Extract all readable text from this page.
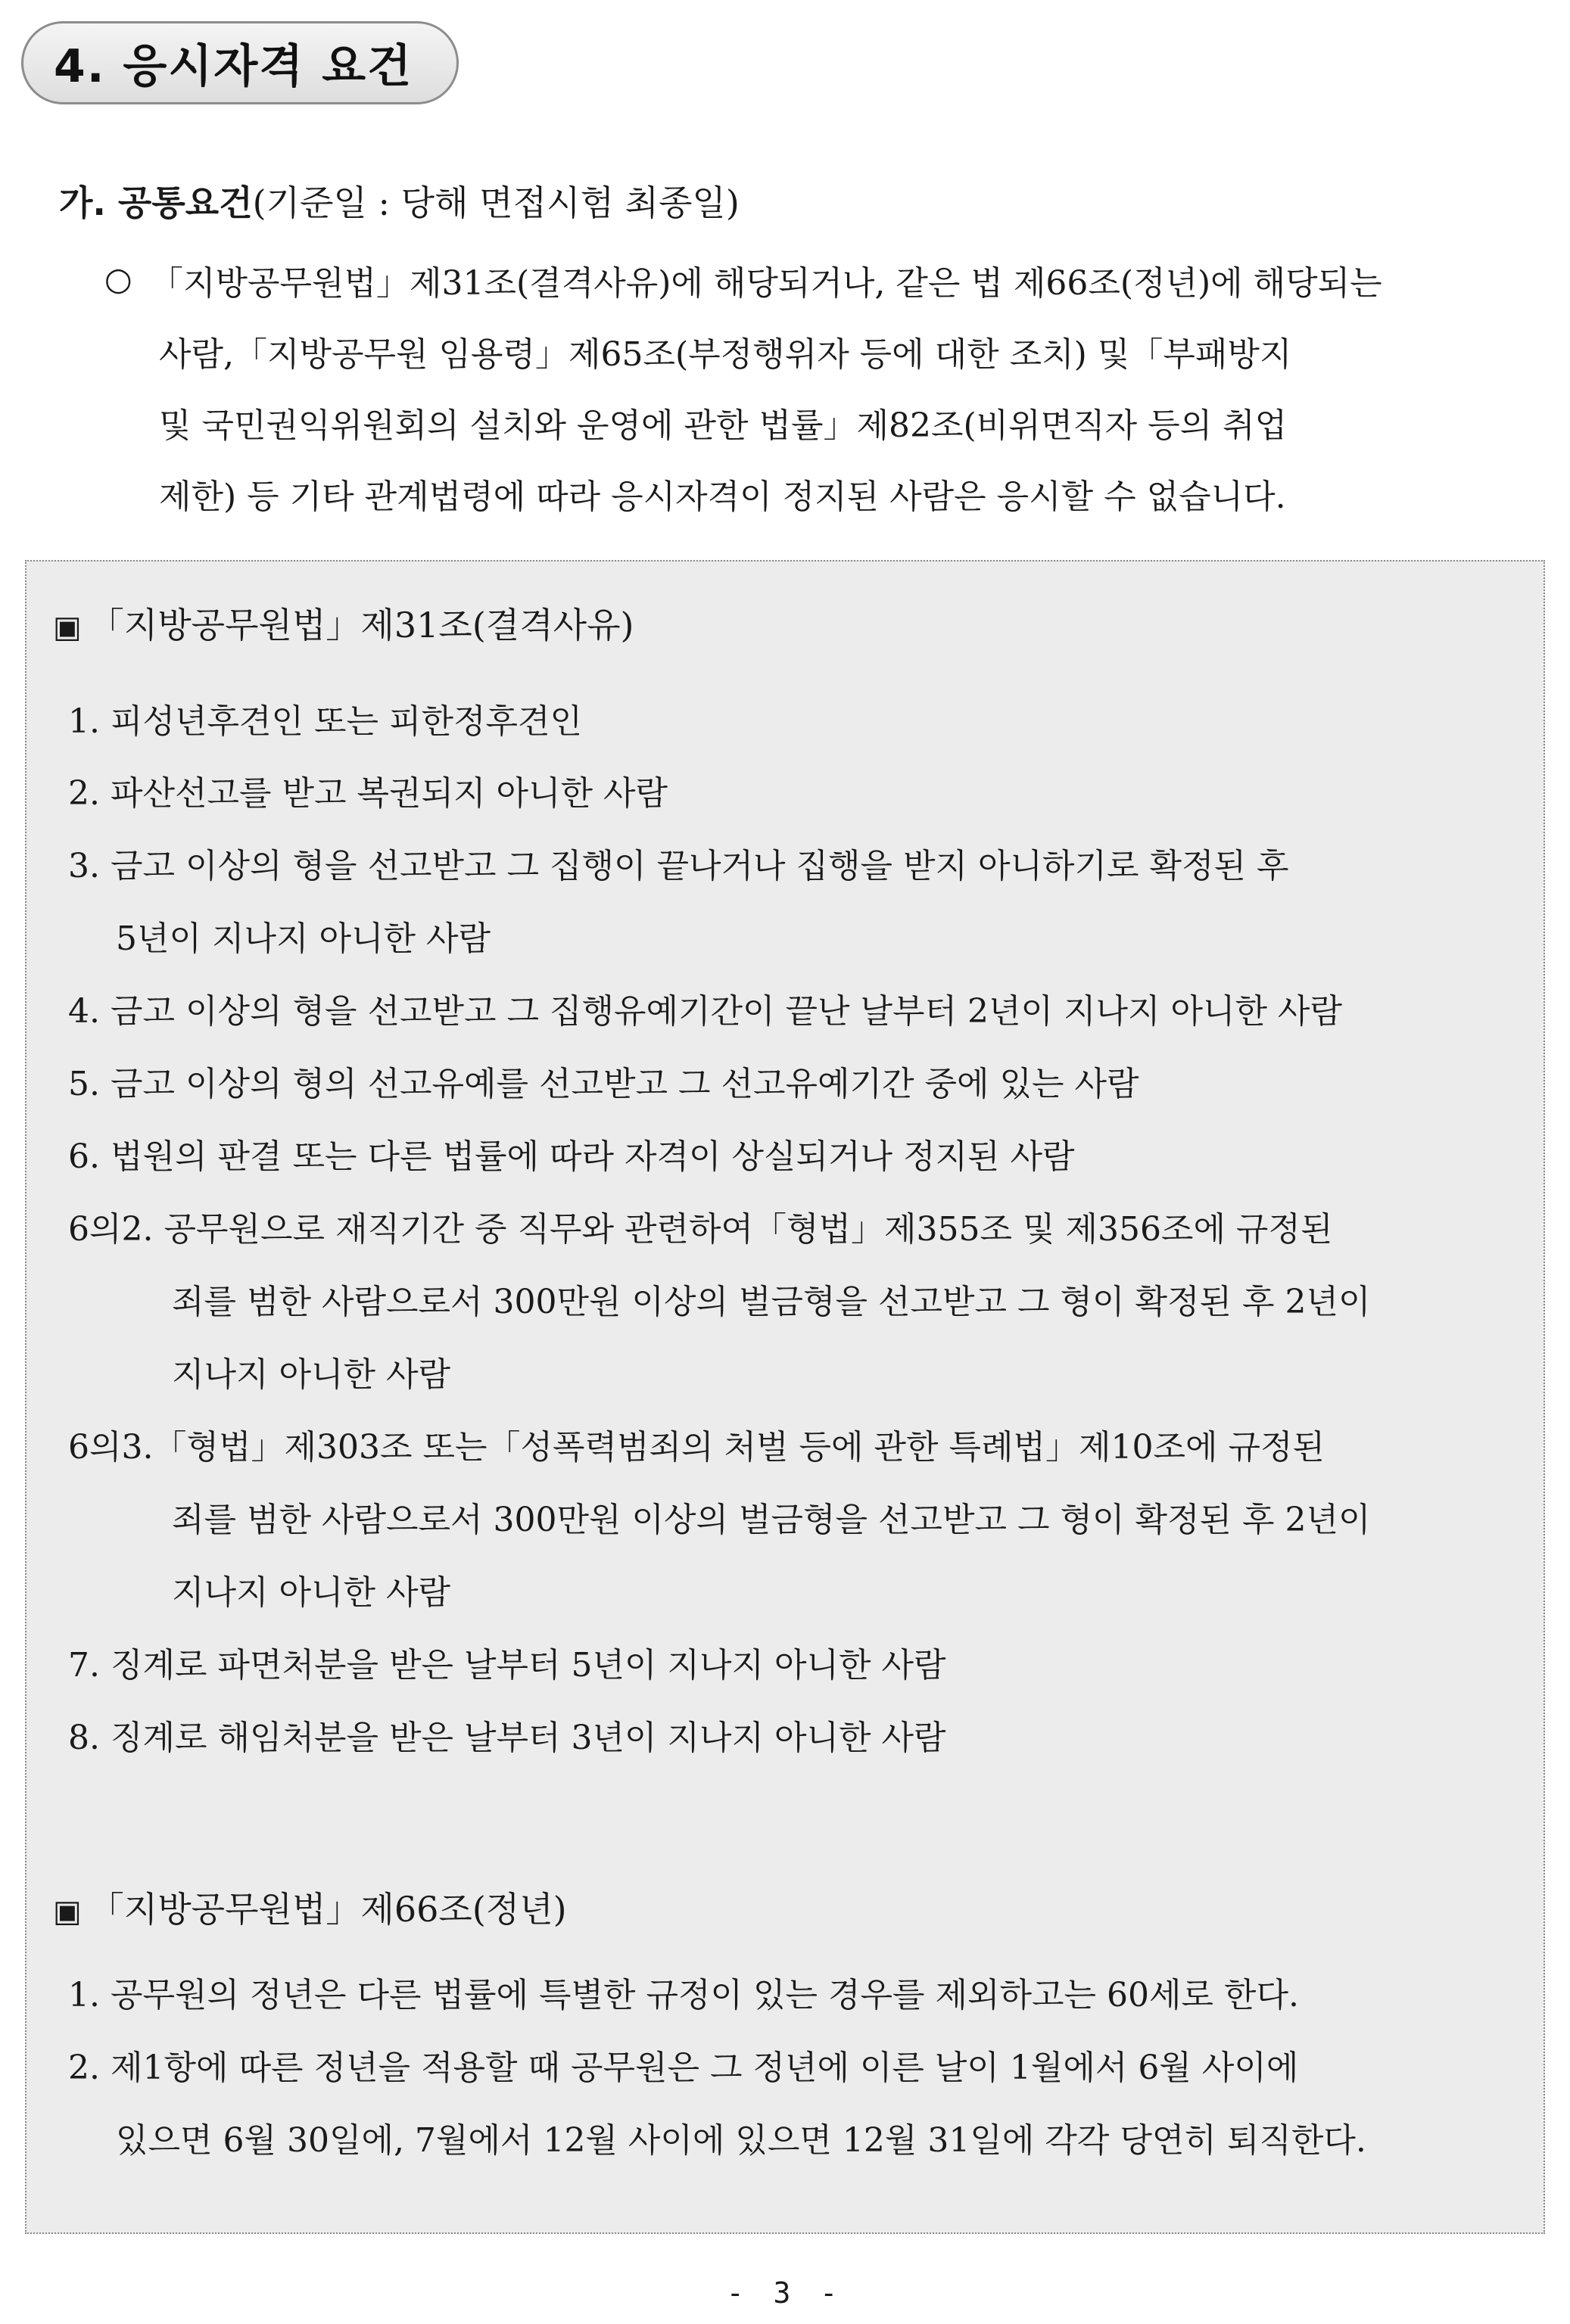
4. 응시자격 요건
가. 공통요건(기준일 : 당해 면접시험 최종일)
○ 「지방공무원법」제31조(결격사유)에 해당되거나, 같은 법 제66조(정년)에 해당되는
사람,「지방공무원 임용령」제65조(부정행위자 등에 대한 조치) 및「부패방지
및 국민권익위원회의 설치와 운영에 관한 법률」제82조(비위면직자 등의 취업
제한) 등 기타 관계법령에 따라 응시자격이 정지된 사람은 응시할 수 없습니다.
▣ 「지방공무원법」제31조(결격사유)
1. 피성년후견인 또는 피한정후견인
2. 파산선고를 받고 복권되지 아니한 사람
3. 금고 이상의 형을 선고받고 그 집행이 끝나거나 집행을 받지 아니하기로 확정된 후
5년이 지나지 아니한 사람
4. 금고 이상의 형을 선고받고 그 집행유예기간이 끝난 날부터 2년이 지나지 아니한 사람
5. 금고 이상의 형의 선고유예를 선고받고 그 선고유예기간 중에 있는 사람
6. 법원의 판결 또는 다른 법률에 따라 자격이 상실되거나 정지된 사람
6의2. 공무원으로 재직기간 중 직무와 관련하여「형법」제355조 및 제356조에 규정된
죄를 범한 사람으로서 300만원 이상의 벌금형을 선고받고 그 형이 확정된 후 2년이
지나지 아니한 사람
6의3.「형법」제303조 또는「성폭력범죄의 처벌 등에 관한 특례법」제10조에 규정된
죄를 범한 사람으로서 300만원 이상의 벌금형을 선고받고 그 형이 확정된 후 2년이
지나지 아니한 사람
7. 징계로 파면처분을 받은 날부터 5년이 지나지 아니한 사람
8. 징계로 해임처분을 받은 날부터 3년이 지나지 아니한 사람
▣ 「지방공무원법」제66조(정년)
1. 공무원의 정년은 다른 법률에 특별한 규정이 있는 경우를 제외하고는 60세로 한다.
2. 제1항에 따른 정년을 적용할 때 공무원은 그 정년에 이른 날이 1월에서 6월 사이에
있으면 6월 30일에, 7월에서 12월 사이에 있으면 12월 31일에 각각 당연히 퇴직한다.
- 3 -
